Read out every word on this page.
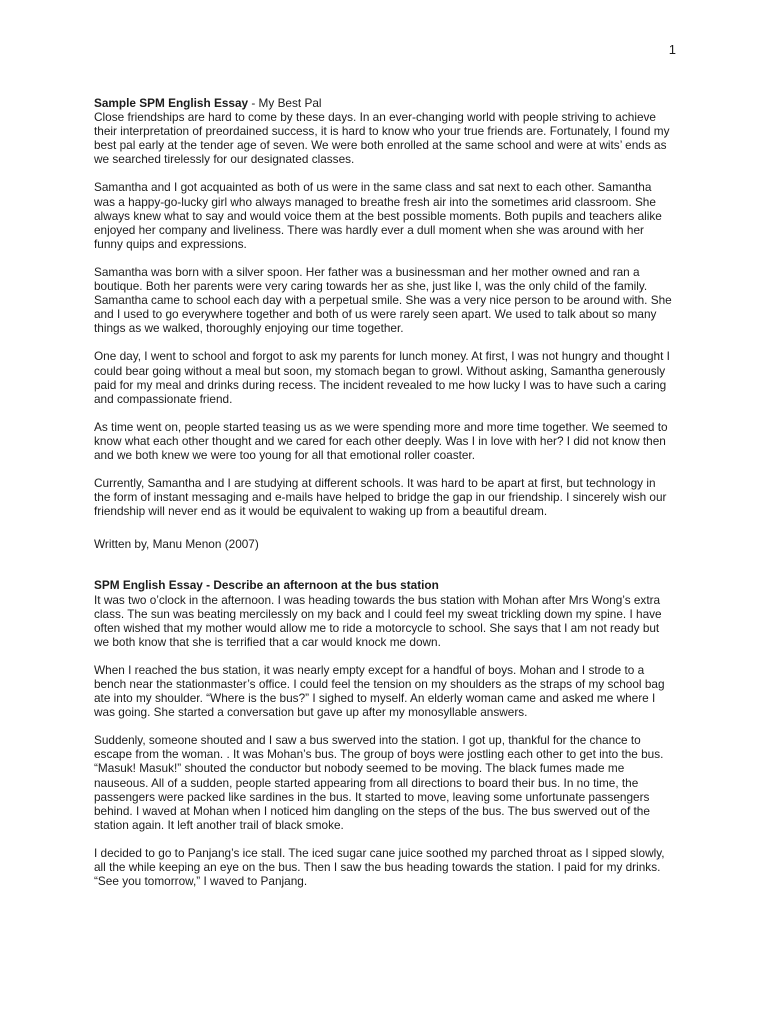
1

Sample SPM English Essay - My Best Pal
Close friendships are hard to come by these days. In an ever-changing world with people striving to achieve their interpretation of preordained success, it is hard to know who your true friends are. Fortunately, I found my best pal early at the tender age of seven. We were both enrolled at the same school and were at wits’ ends as we searched tirelessly for our designated classes.

Samantha and I got acquainted as both of us were in the same class and sat next to each other. Samantha was a happy-go-lucky girl who always managed to breathe fresh air into the sometimes arid classroom. She always knew what to say and would voice them at the best possible moments. Both pupils and teachers alike enjoyed her company and liveliness. There was hardly ever a dull moment when she was around with her funny quips and expressions.

Samantha was born with a silver spoon. Her father was a businessman and her mother owned and ran a boutique. Both her parents were very caring towards her as she, just like I, was the only child of the family. Samantha came to school each day with a perpetual smile. She was a very nice person to be around with. She and I used to go everywhere together and both of us were rarely seen apart. We used to talk about so many things as we walked, thoroughly enjoying our time together.

One day, I went to school and forgot to ask my parents for lunch money. At first, I was not hungry and thought I could bear going without a meal but soon, my stomach began to growl. Without asking, Samantha generously paid for my meal and drinks during recess. The incident revealed to me how lucky I was to have such a caring and compassionate friend.

As time went on, people started teasing us as we were spending more and more time together. We seemed to know what each other thought and we cared for each other deeply. Was I in love with her? I did not know then and we both knew we were too young for all that emotional roller coaster.

Currently, Samantha and I are studying at different schools. It was hard to be apart at first, but technology in the form of instant messaging and e-mails have helped to bridge the gap in our friendship. I sincerely wish our friendship will never end as it would be equivalent to waking up from a beautiful dream.

Written by, Manu Menon (2007)

SPM English Essay - Describe an afternoon at the bus station
It was two o’clock in the afternoon. I was heading towards the bus station with Mohan after Mrs Wong’s extra class. The sun was beating mercilessly on my back and I could feel my sweat trickling down my spine. I have often wished that my mother would allow me to ride a motorcycle to school. She says that I am not ready but we both know that she is terrified that a car would knock me down.

When I reached the bus station, it was nearly empty except for a handful of boys. Mohan and I strode to a bench near the stationmaster’s office. I could feel the tension on my shoulders as the straps of my school bag ate into my shoulder. “Where is the bus?” I sighed to myself. An elderly woman came and asked me where I was going. She started a conversation but gave up after my monosyllable answers.

Suddenly, someone shouted and I saw a bus swerved into the station. I got up, thankful for the chance to escape from the woman. . It was Mohan’s bus. The group of boys were jostling each other to get into the bus. “Masuk! Masuk!” shouted the conductor but nobody seemed to be moving. The black fumes made me nauseous. All of a sudden, people started appearing from all directions to board their bus. In no time, the passengers were packed like sardines in the bus. It started to move, leaving some unfortunate passengers behind. I waved at Mohan when I noticed him dangling on the steps of the bus. The bus swerved out of the station again. It left another trail of black smoke.

I decided to go to Panjang’s ice stall. The iced sugar cane juice soothed my parched throat as I sipped slowly, all the while keeping an eye on the bus. Then I saw the bus heading towards the station. I paid for my drinks. “See you tomorrow,” I waved to Panjang.
